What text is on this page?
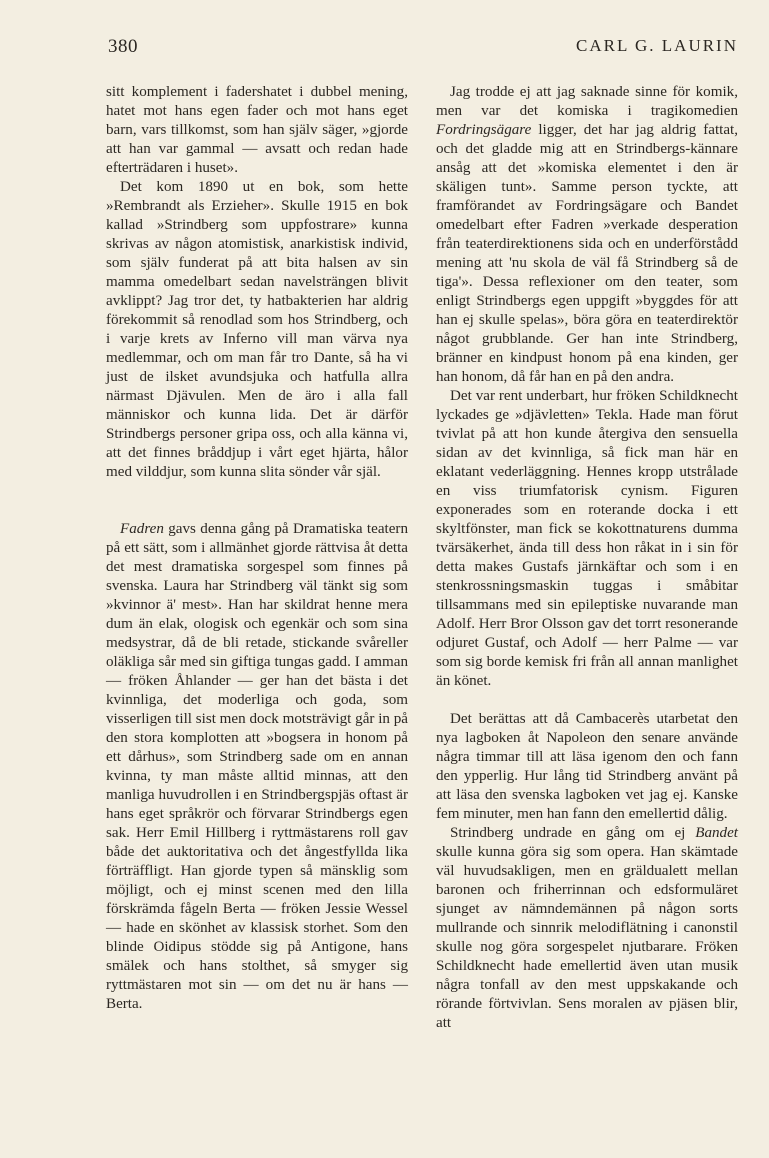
380	CARL G. LAURIN

sitt komplement i fadershatet i dubbel mening, hatet mot hans egen fader och mot hans eget barn, vars tillkomst, som han själv säger, »gjorde att han var gammal — avsatt och redan hade efterträdaren i huset».

Det kom 1890 ut en bok, som hette »Rembrandt als Erzieher». Skulle 1915 en bok kallad »Strindberg som uppfostrare» kunna skrivas av någon atomistisk, anarkistisk individ, som själv funderat på att bita halsen av sin mamma omedelbart sedan navelsträngen blivit avklippt? Jag tror det, ty hatbakterien har aldrig förekommit så renodlad som hos Strindberg, och i varje krets av Inferno vill man värva nya medlemmar, och om man får tro Dante, så ha vi just de ilsket avundsjuka och hatfulla allra närmast Djävulen. Men de äro i alla fall människor och kunna lida. Det är därför Strindbergs personer gripa oss, och alla känna vi, att det finnes bråddjup i vårt eget hjärta, hålor med vilddjur, som kunna slita sönder vår själ.

Fadren gavs denna gång på Dramatiska teatern på ett sätt, som i allmänhet gjorde rättvisa åt detta det mest dramatiska sorgespel som finnes på svenska. Laura har Strindberg väl tänkt sig som »kvinnor ä' mest». Han har skildrat henne mera dum än elak, ologisk och egenkär och som sina medsystrar, då de bli retade, stickande svåreller oläkliga sår med sin giftiga tungas gadd. I amman — fröken Åhlander — ger han det bästa i det kvinnliga, det moderliga och goda, som visserligen till sist men dock motsträvigt går in på den stora komplotten att »bogsera in honom på ett dårhus», som Strindberg sade om en annan kvinna, ty man måste alltid minnas, att den manliga huvudrollen i en Strindbergspjäs oftast är hans eget språkrör och förvarar Strindbergs egen sak. Herr Emil Hillberg i ryttmästarens roll gav både det auktoritativa och det ångestfyllda lika förträffligt. Han gjorde typen så mänsklig som möjligt, och ej minst scenen med den lilla förskrämda fågeln Berta — fröken Jessie Wessel — hade en skönhet av klassisk storhet. Som den blinde Oidipus stödde sig på Antigone, hans smälek och hans stolthet, så smyger sig ryttmästaren mot sin — om det nu är hans — Berta.

Jag trodde ej att jag saknade sinne för komik, men var det komiska i tragikomedien Fordringsägare ligger, det har jag aldrig fattat, och det gladde mig att en Strindbergs-kännare ansåg att det »komiska elementet i den är skäligen tunt». Samme person tyckte, att framförandet av Fordringsägare och Bandet omedelbart efter Fadren »verkade desperation från teaterdirektionens sida och en underförstådd mening att 'nu skola de väl få Strindberg så de tiga'». Dessa reflexioner om den teater, som enligt Strindbergs egen uppgift »byggdes för att han ej skulle spelas», böra göra en teaterdirektör något grubblande. Ger han inte Strindberg, bränner en kindpust honom på ena kinden, ger han honom, då får han en på den andra.

Det var rent underbart, hur fröken Schildknecht lyckades ge »djävletten» Tekla. Hade man förut tvivlat på att hon kunde återgiva den sensuella sidan av det kvinnliga, så fick man här en eklatant vederläggning. Hennes kropp utstrålade en viss triumfatorisk cynism. Figuren exponerades som en roterande docka i ett skyltfönster, man fick se kokottnaturens dumma tvärsäkerhet, ända till dess hon råkat in i sin för detta makes Gustafs järnkäftar och som i en stenkrossningsmaskin tuggas i småbitar tillsammans med sin epileptiske nuvarande man Adolf. Herr Bror Olsson gav det torrt resonerande odjuret Gustaf, och Adolf — herr Palme — var som sig borde kemisk fri från all annan manlighet än könet.

Det berättas att då Cambacerès utarbetat den nya lagboken åt Napoleon den senare använde några timmar till att läsa igenom den och fann den ypperlig. Hur lång tid Strindberg använt på att läsa den svenska lagboken vet jag ej. Kanske fem minuter, men han fann den emellertid dålig.

Strindberg undrade en gång om ej Bandet skulle kunna göra sig som opera. Han skämtade väl huvudsakligen, men en gräldualett mellan baronen och friherrinnan och edsformuläret sjunget av nämndemännen på någon sorts mullrande och sinnrik melodiflätning i canonstil skulle nog göra sorgespelet njutbarare. Fröken Schildknecht hade emellertid även utan musik några tonfall av den mest uppskakande och rörande förtvivlan. Sens moralen av pjäsen blir, att
